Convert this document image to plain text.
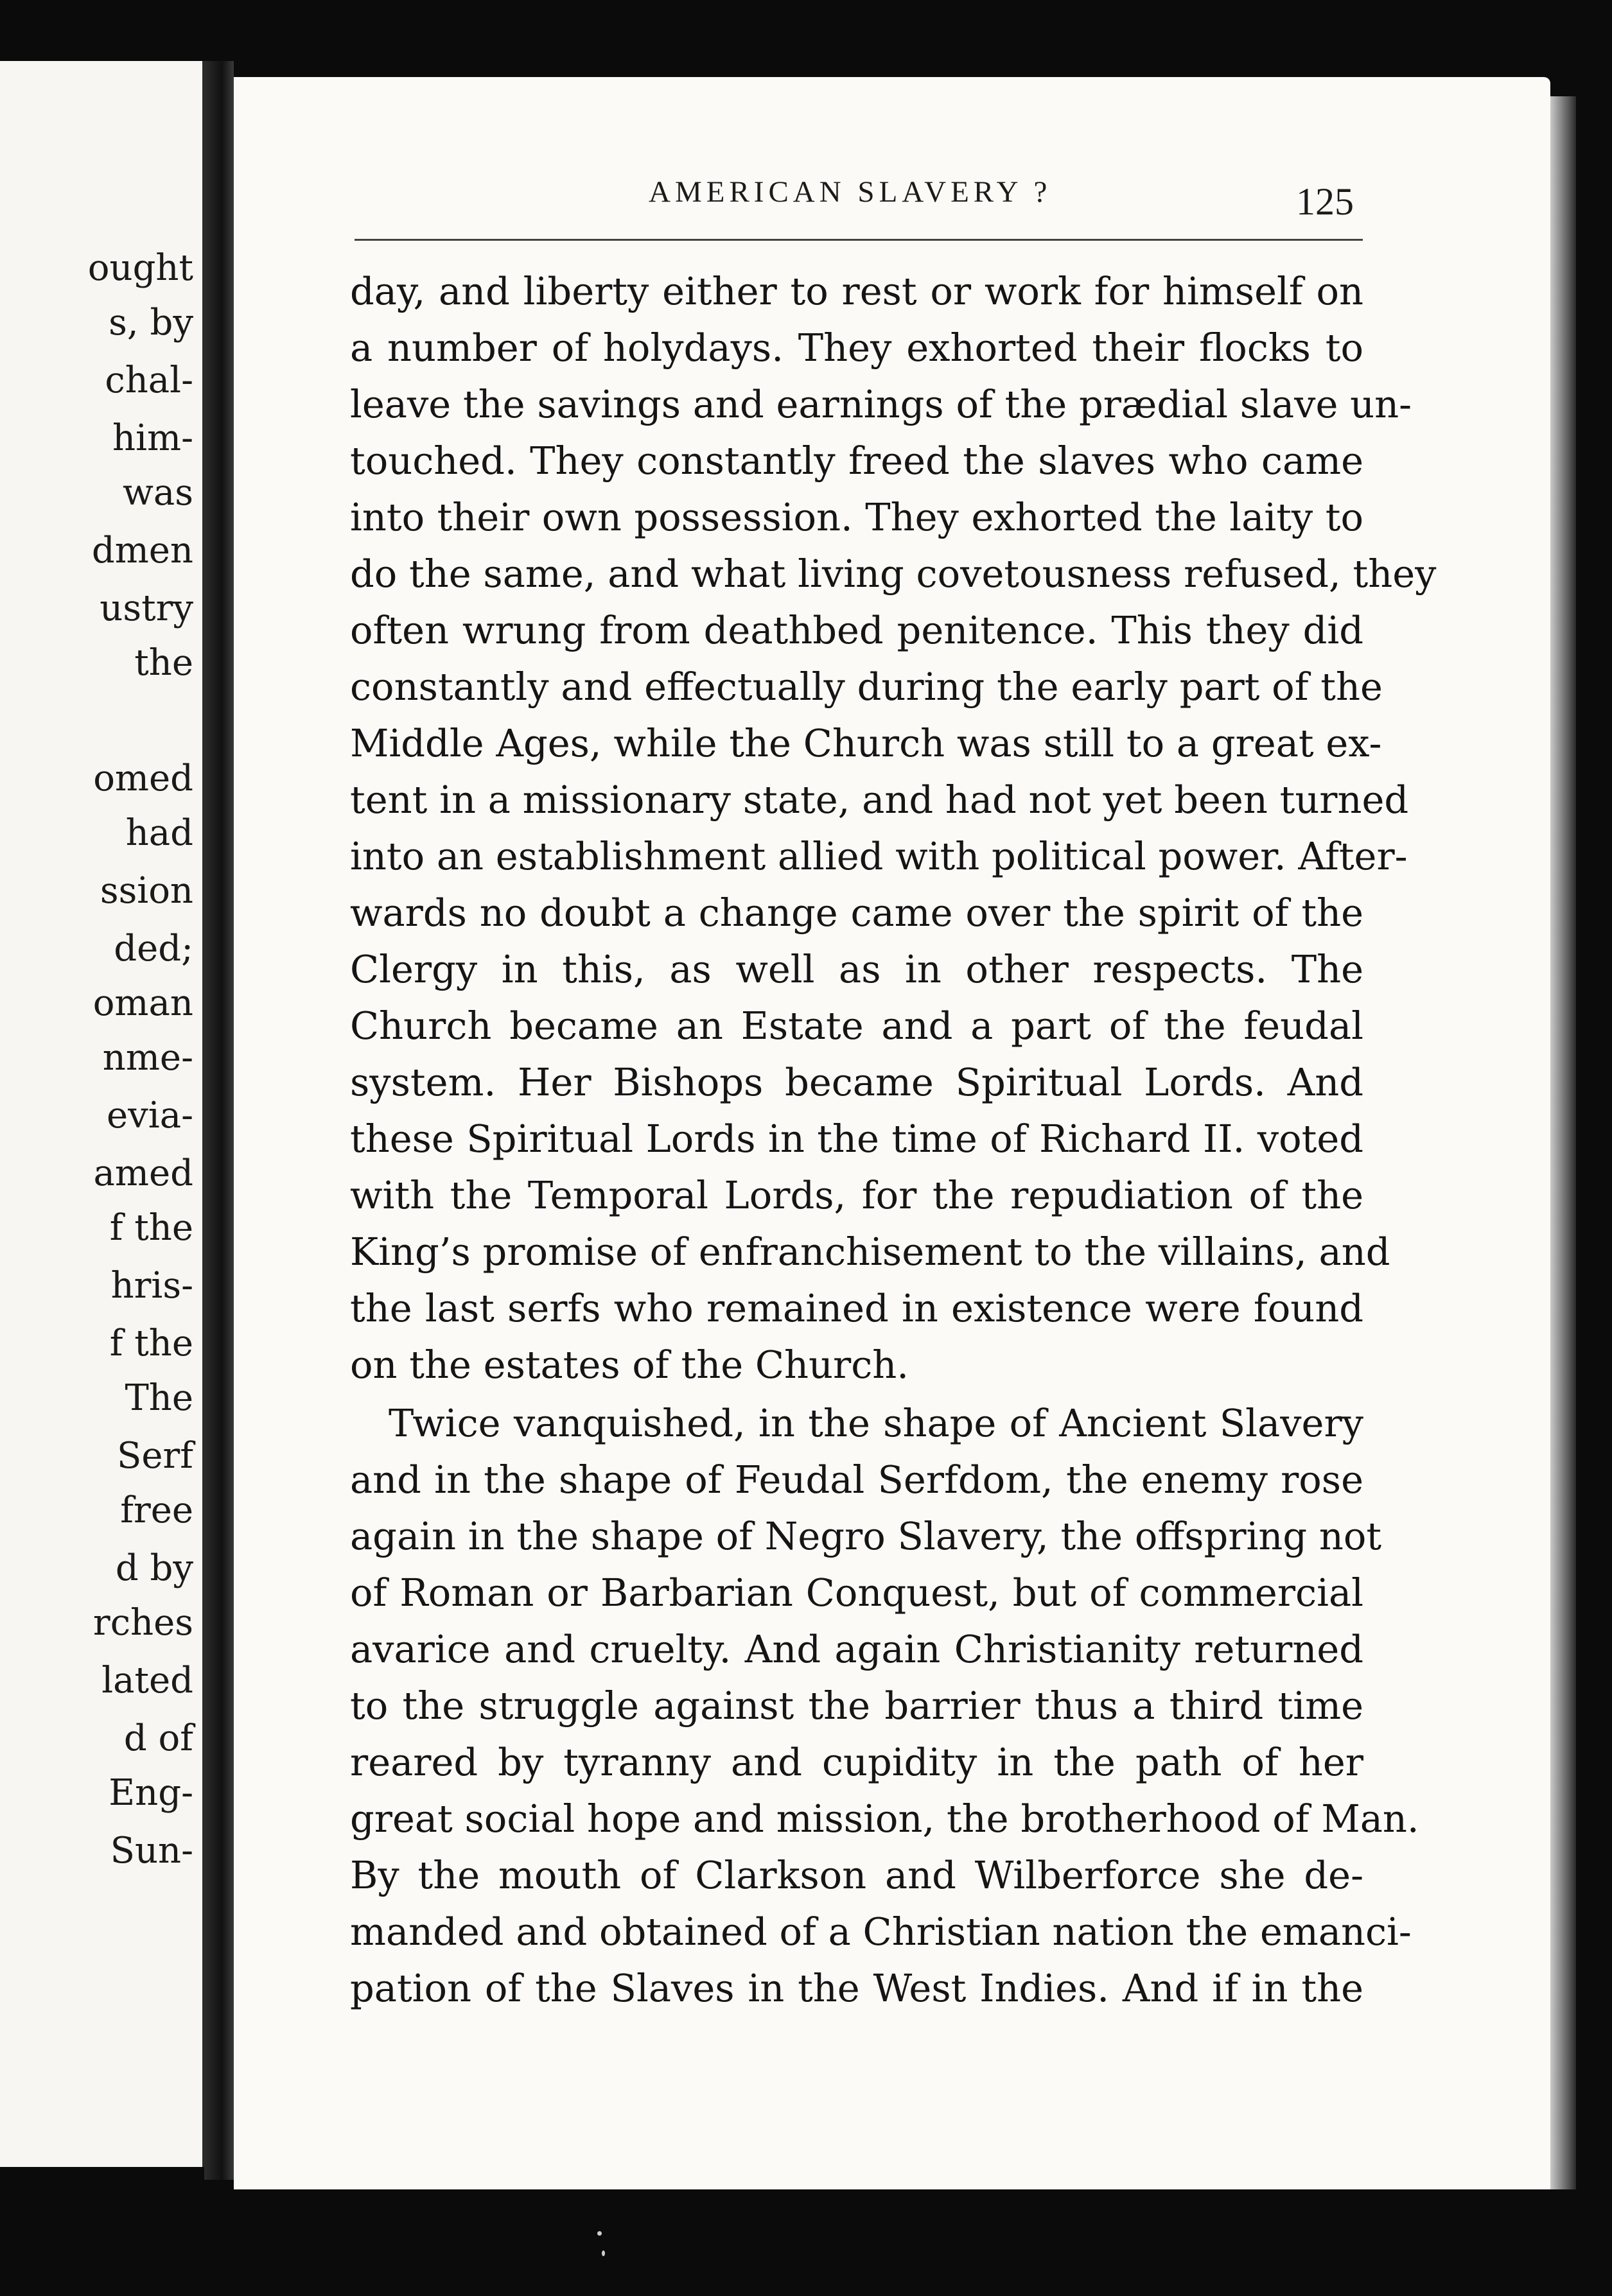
ought
s, by
chal-
him-
was
dmen
ustry
the
omed
had
ssion
ded;
oman
nme-
evia-
amed
f the
hris-
f the
The
Serf
free
d by
rches
lated
d of
Eng-
Sun-
AMERICAN SLAVERY ?	125
day, and liberty either to rest or work for himself on
a number of holydays. They exhorted their flocks to
leave the savings and earnings of the prædial slave un-
touched. They constantly freed the slaves who came
into their own possession. They exhorted the laity to
do the same, and what living covetousness refused, they
often wrung from deathbed penitence. This they did
constantly and effectually during the early part of the
Middle Ages, while the Church was still to a great ex-
tent in a missionary state, and had not yet been turned
into an establishment allied with political power. After-
wards no doubt a change came over the spirit of the
Clergy in this, as well as in other respects. The
Church became an Estate and a part of the feudal
system. Her Bishops became Spiritual Lords. And
these Spiritual Lords in the time of Richard II. voted
with the Temporal Lords, for the repudiation of the
King’s promise of enfranchisement to the villains, and
the last serfs who remained in existence were found
on the estates of the Church.
Twice vanquished, in the shape of Ancient Slavery
and in the shape of Feudal Serfdom, the enemy rose
again in the shape of Negro Slavery, the offspring not
of Roman or Barbarian Conquest, but of commercial
avarice and cruelty. And again Christianity returned
to the struggle against the barrier thus a third time
reared by tyranny and cupidity in the path of her
great social hope and mission, the brotherhood of Man.
By the mouth of Clarkson and Wilberforce she de-
manded and obtained of a Christian nation the emanci-
pation of the Slaves in the West Indies. And if in the
